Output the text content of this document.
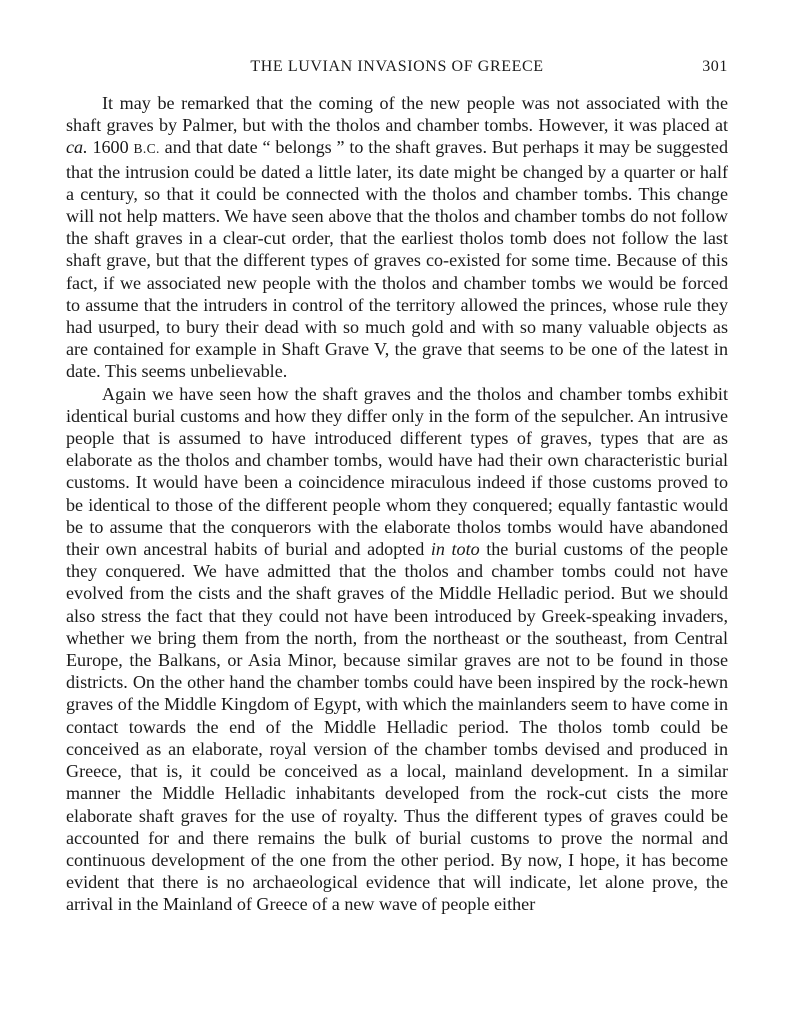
THE LUVIAN INVASIONS OF GREECE	301

It may be remarked that the coming of the new people was not associated with the shaft graves by Palmer, but with the tholos and chamber tombs. However, it was placed at ca. 1600 B.C. and that date “ belongs ” to the shaft graves. But perhaps it may be suggested that the intrusion could be dated a little later, its date might be changed by a quarter or half a century, so that it could be connected with the tholos and chamber tombs. This change will not help matters. We have seen above that the tholos and chamber tombs do not follow the shaft graves in a clear-cut order, that the earliest tholos tomb does not follow the last shaft grave, but that the different types of graves co-existed for some time. Because of this fact, if we associated new people with the tholos and chamber tombs we would be forced to assume that the intruders in control of the territory allowed the princes, whose rule they had usurped, to bury their dead with so much gold and with so many valuable objects as are contained for example in Shaft Grave V, the grave that seems to be one of the latest in date. This seems unbelievable.

Again we have seen how the shaft graves and the tholos and chamber tombs exhibit identical burial customs and how they differ only in the form of the sepulcher. An intrusive people that is assumed to have introduced different types of graves, types that are as elaborate as the tholos and chamber tombs, would have had their own characteristic burial customs. It would have been a coincidence miraculous indeed if those customs proved to be identical to those of the different people whom they conquered; equally fantastic would be to assume that the conquerors with the elaborate tholos tombs would have abandoned their own ancestral habits of burial and adopted in toto the burial customs of the people they conquered. We have admitted that the tholos and chamber tombs could not have evolved from the cists and the shaft graves of the Middle Helladic period. But we should also stress the fact that they could not have been introduced by Greek-speaking invaders, whether we bring them from the north, from the northeast or the southeast, from Central Europe, the Balkans, or Asia Minor, because similar graves are not to be found in those districts. On the other hand the chamber tombs could have been inspired by the rock-hewn graves of the Middle Kingdom of Egypt, with which the mainlanders seem to have come in contact towards the end of the Middle Helladic period. The tholos tomb could be conceived as an elaborate, royal version of the chamber tombs devised and produced in Greece, that is, it could be conceived as a local, mainland development. In a similar manner the Middle Helladic inhabitants developed from the rock-cut cists the more elaborate shaft graves for the use of royalty. Thus the different types of graves could be accounted for and there remains the bulk of burial customs to prove the normal and continuous development of the one from the other period. By now, I hope, it has become evident that there is no archaeological evidence that will indicate, let alone prove, the arrival in the Mainland of Greece of a new wave of people either
